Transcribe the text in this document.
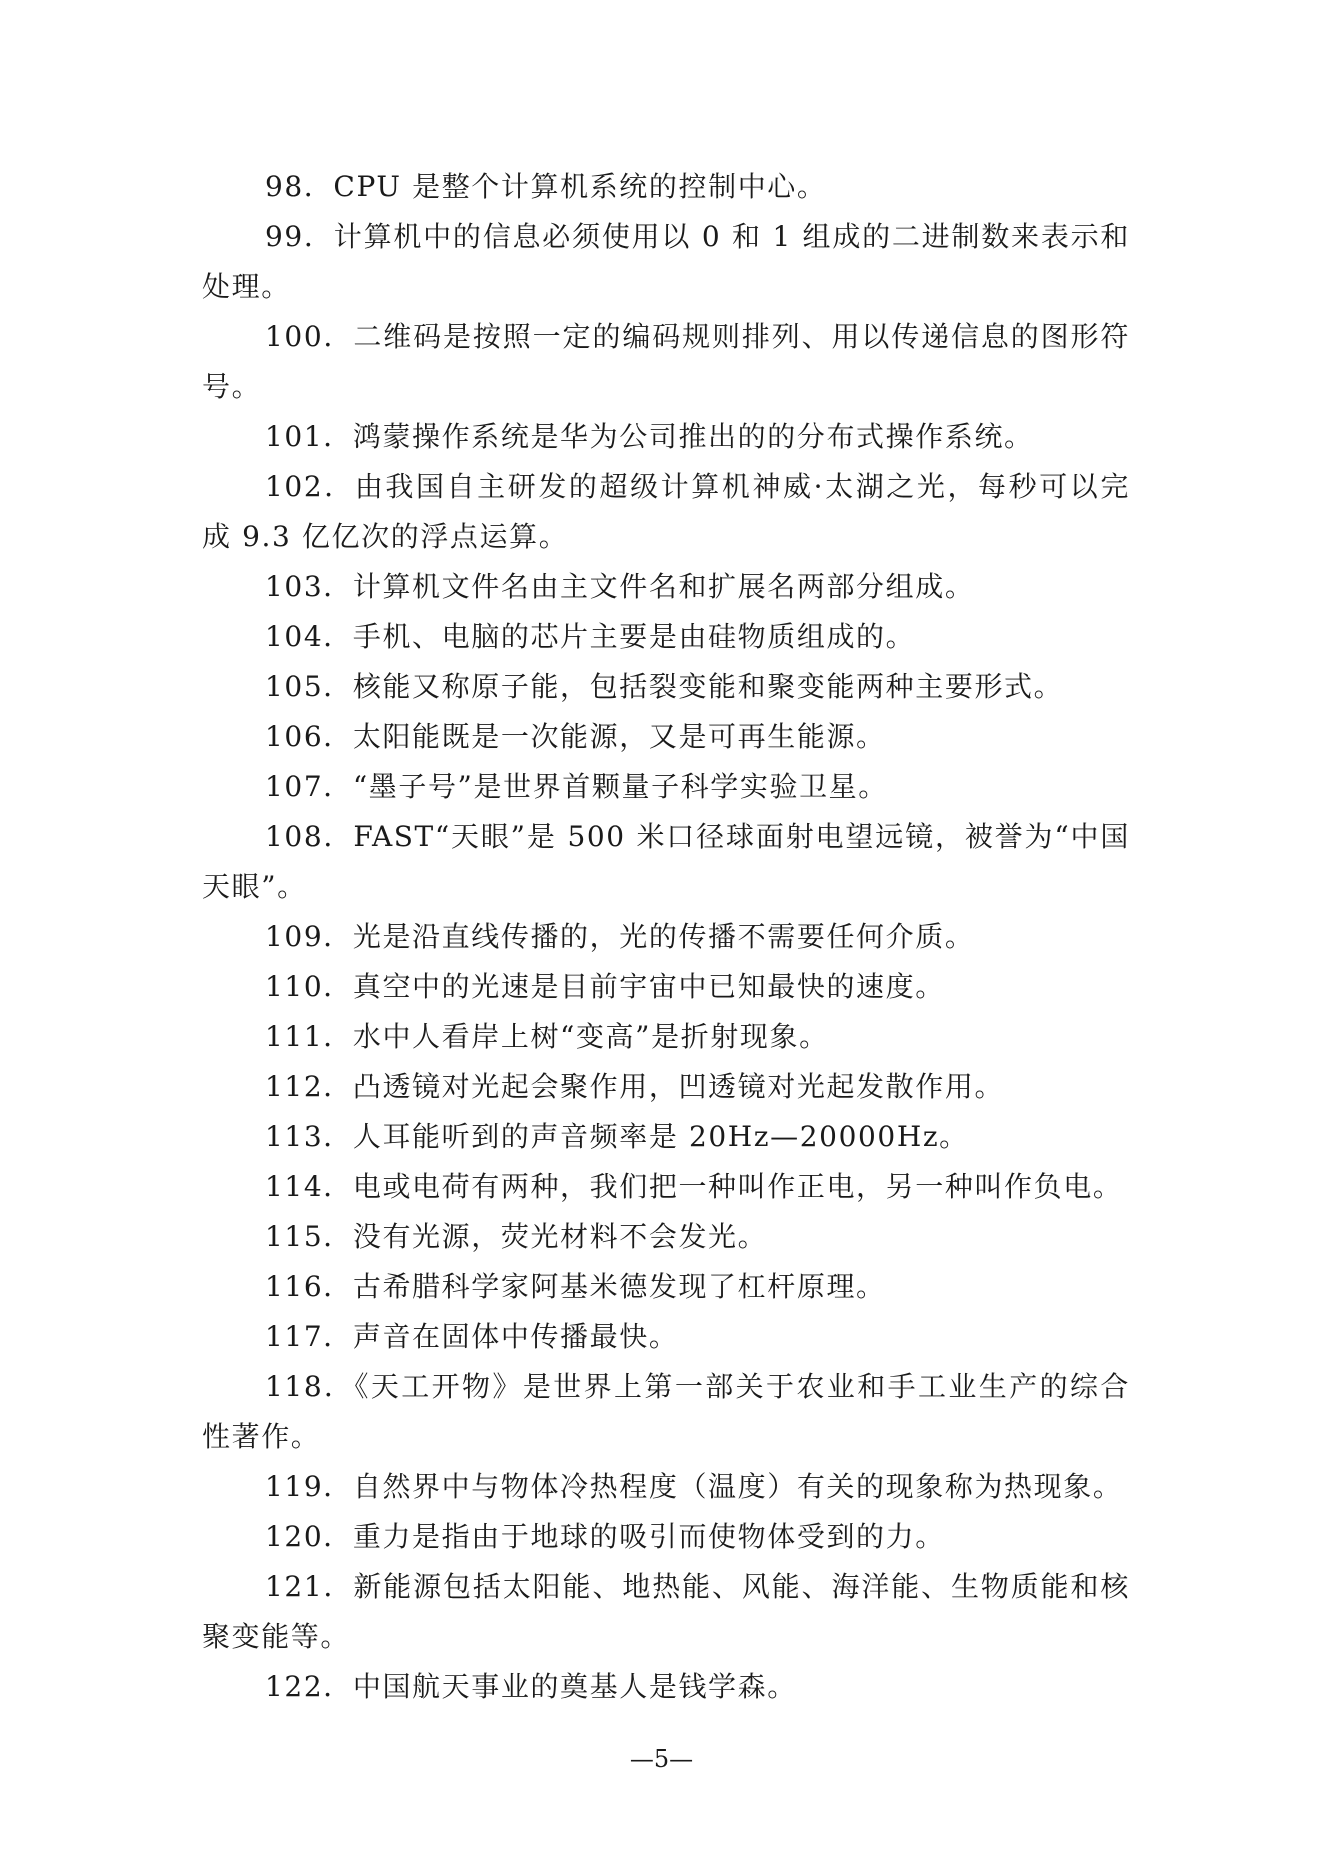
98．CPU 是整个计算机系统的控制中心。

99．计算机中的信息必须使用以 0 和 1 组成的二进制数来表示和处理。

100．二维码是按照一定的编码规则排列、用以传递信息的图形符号。

101．鸿蒙操作系统是华为公司推出的的分布式操作系统。

102．由我国自主研发的超级计算机神威·太湖之光，每秒可以完成 9.3 亿亿次的浮点运算。

103．计算机文件名由主文件名和扩展名两部分组成。

104．手机、电脑的芯片主要是由硅物质组成的。

105．核能又称原子能，包括裂变能和聚变能两种主要形式。

106．太阳能既是一次能源，又是可再生能源。

107．“墨子号”是世界首颗量子科学实验卫星。

108．FAST“天眼”是 500 米口径球面射电望远镜，被誉为“中国天眼”。

109．光是沿直线传播的，光的传播不需要任何介质。

110．真空中的光速是目前宇宙中已知最快的速度。

111．水中人看岸上树“变高”是折射现象。

112．凸透镜对光起会聚作用，凹透镜对光起发散作用。

113．人耳能听到的声音频率是 20Hz—20000Hz。

114．电或电荷有两种，我们把一种叫作正电，另一种叫作负电。

115．没有光源，荧光材料不会发光。

116．古希腊科学家阿基米德发现了杠杆原理。

117．声音在固体中传播最快。

118．《天工开物》是世界上第一部关于农业和手工业生产的综合性著作。

119．自然界中与物体冷热程度（温度）有关的现象称为热现象。

120．重力是指由于地球的吸引而使物体受到的力。

121．新能源包括太阳能、地热能、风能、海洋能、生物质能和核聚变能等。

122．中国航天事业的奠基人是钱学森。

—5—
